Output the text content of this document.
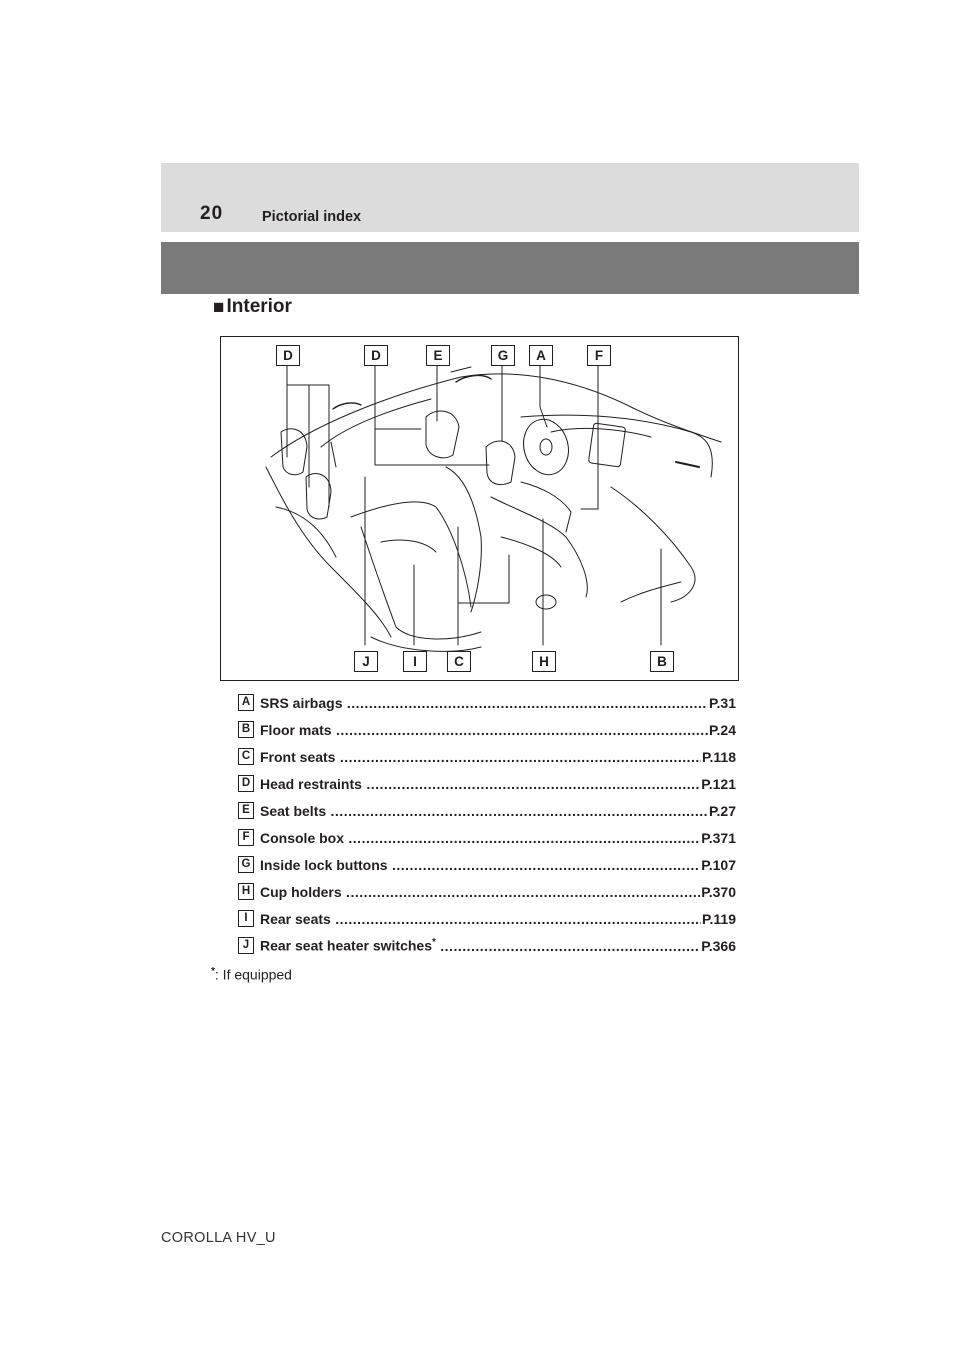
20	Pictorial index
■ Interior
D	D	E	G	A	F
J	I	C	H	B
A SRS airbags .....	P.31
B Floor mats .....	P.24
C Front seats .....	P.118
D Head restraints .....	P.121
E Seat belts .....	P.27
F Console box .....	P.371
G Inside lock buttons .....	P.107
H Cup holders .....	P.370
I Rear seats .....	P.119
J Rear seat heater switches* .....	P.366
*: If equipped
COROLLA HV_U
